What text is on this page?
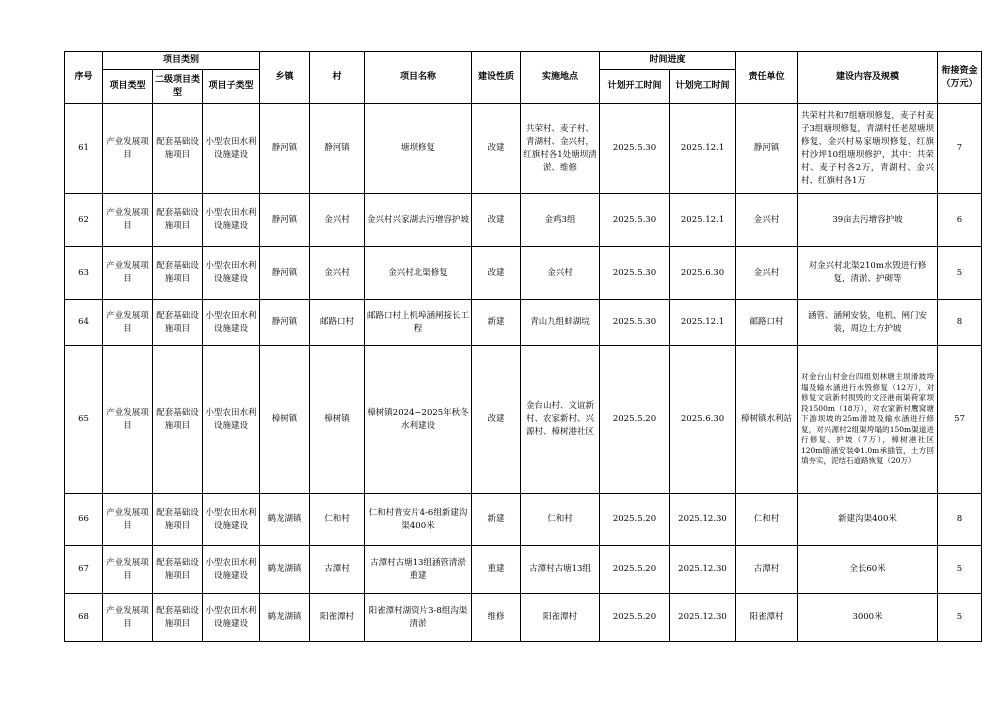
序号	项目类别			乡镇	村	项目名称	建设性质	实施地点	时间进度		责任单位	建设内容及规模	衔接资金（万元）
	项目类型	二级项目类型	项目子类型						计划开工时间	计划完工时间			
61	产业发展项目	配套基础设施项目	小型农田水利设施建设	静河镇	静河镇	塘坝修复	改建	共荣村、麦子村、青湖村、金兴村，红旗村各1处塘坝清淤、维修	2025.5.30	2025.12.1	静河镇	共荣村共和7组塘坝修复，麦子村麦子3组塘坝修复，青湖村任老屋塘坝修复，金兴村易家塘坝修复，红旗村沙坪10组塘坝修护，其中：共荣村、麦子村各2万，青湖村、金兴村、红旗村各1万	7
62	产业发展项目	配套基础设施项目	小型农田水利设施建设	静河镇	金兴村	金兴村兴家湖去污增容护坡	改建	金鸡3组	2025.5.30	2025.12.1	金兴村	39亩去污增容护坡	6
63	产业发展项目	配套基础设施项目	小型农田水利设施建设	静河镇	金兴村	金兴村北渠修复	改建	金兴村	2025.5.30	2025.6.30	金兴村	对金兴村北渠210m水毁进行修复，清淤、护砌等	5
64	产业发展项目	配套基础设施项目	小型农田水利设施建设	静河镇	邮路口村	邮路口村上机埠涵闸接长工程	新建	青山九组蚌湖垸	2025.5.30	2025.12.1	邮路口村	涵管、涵闸安装，电机、闸门安装，周边土方护坡	8
65	产业发展项目	配套基础设施项目	小型农田水利设施建设	樟树镇	樟树镇	樟树镇2024~2025年秋冬水利建设	改建	金台山村、文谊新村、农家新村、兴源村、樟树港社区	2025.5.20	2025.6.30	樟树镇水利站	对金台山村金台四组划林塘主坝滑坡垮塌及输水涵进行水毁修复（12万），对修复文谊新村损毁的文泾港南渠荷家坝段1500m（18万），对农家新村鹰窝塘下游坝坡的25m滑坡及输水涵进行修复，对兴源村2组渠垮塌的150m渠道进行修复、护坡（7万），樟树港社区120m暗涵安装Φ1.0m承插管，土方回填夯实，泥结石道路恢复（20万）	57
66	产业发展项目	配套基础设施项目	小型农田水利设施建设	鹤龙湖镇	仁和村	仁和村普安片4-6组新建沟渠400米	新建	仁和村	2025.5.20	2025.12.30	仁和村	新建沟渠400米	8
67	产业发展项目	配套基础设施项目	小型农田水利设施建设	鹤龙湖镇	古潭村	古潭村古塘13组涵管清淤重建	重建	古潭村古塘13组	2025.5.20	2025.12.30	古潭村	全长60米	5
68	产业发展项目	配套基础设施项目	小型农田水利设施建设	鹤龙湖镇	阳雀潭村	阳雀潭村湖资片3-8组沟渠清淤	维修	阳雀潭村	2025.5.20	2025.12.30	阳雀潭村	3000米	5
